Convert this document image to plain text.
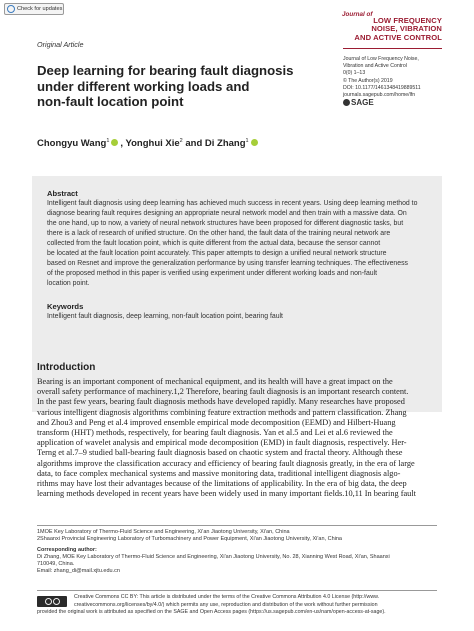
Check for updates
Journal of
LOW FREQUENCY
NOISE, VIBRATION
AND ACTIVE CONTROL
Original Article
Deep learning for bearing fault diagnosis
under different working loads and
non-fault location point
Journal of Low Frequency Noise,
Vibration and Active Control
0(0) 1–13
© The Author(s) 2019
DOI: 10.1177/1461348419889511
journals.sagepub.com/home/lfn
SAGE
Chongyu Wang$^1$ , Yonghui Xie$^2$ and Di Zhang$^1$
Abstract
Intelligent fault diagnosis using deep learning has achieved much success in recent years. Using deep learning method to
diagnose bearing fault requires designing an appropriate neural network model and then train with a massive data. On
the one hand, up to now, a variety of neural network structures have been proposed for different diagnostic tasks, but
there is a lack of research of unified structure. On the other hand, the fault data of the training neural network are
collected from the fault location point, which is quite different from the actual data, because the sensor cannot
be located at the fault location point accurately. This paper attempts to design a unified neural network structure
based on Resnet and improve the generalization performance by using transfer learning techniques. The effectiveness
of the proposed method in this paper is verified using experiment under different working loads and non-fault
location point.
Keywords
Intelligent fault diagnosis, deep learning, non-fault location point, bearing fault
Introduction
Bearing is an important component of mechanical equipment, and its health will have a great impact on the
overall safety performance of machinery.1,2 Therefore, bearing fault diagnosis is an important research content.
In the past few years, bearing fault diagnosis methods have developed rapidly. Many researches have proposed
various intelligent diagnosis algorithms combining feature extraction methods and pattern classification. Zhang
and Zhou3 and Peng et al.4 improved ensemble empirical mode decomposition (EEMD) and Hilbert-Huang
transform (HHT) methods, respectively, for bearing fault diagnosis. Yan et al.5 and Lei et al.6 reviewed the
application of wavelet analysis and empirical mode decomposition (EMD) in fault diagnosis, respectively. Her-
Terng et al.7–9 studied ball-bearing fault diagnosis based on chaotic system and fractal theory. Although these
algorithms improve the classification accuracy and efficiency of bearing fault diagnosis greatly, in the era of large
data, to face complex mechanical systems and massive monitoring data, traditional intelligent diagnosis algo-
rithms may have lost their advantages because of the limitations of applicability. In the era of big data, the deep
learning methods developed in recent years have been widely used in many important fields.10,11 In bearing fault
1MOE Key Laboratory of Thermo-Fluid Science and Engineering, Xi'an Jiaotong University, Xi'an, China
2Shaanxi Provincial Engineering Laboratory of Turbomachinery and Power Equipment, Xi'an Jiaotong University, Xi'an, China
Corresponding author:
Di Zhang, MOE Key Laboratory of Thermo-Fluid Science and Engineering, Xi'an Jiaotong University, No. 28, Xianning West Road, Xi'an, Shaanxi
710049, China.
Email: zhang_di@mail.xjtu.edu.cn
Creative Commons CC BY: This article is distributed under the terms of the Creative Commons Attribution 4.0 License (http://www.
creativecommons.org/licenses/by/4.0/) which permits any use, reproduction and distribution of the work without further permission
provided the original work is attributed as specified on the SAGE and Open Access pages (https://us.sagepub.com/en-us/nam/open-access-at-sage).
